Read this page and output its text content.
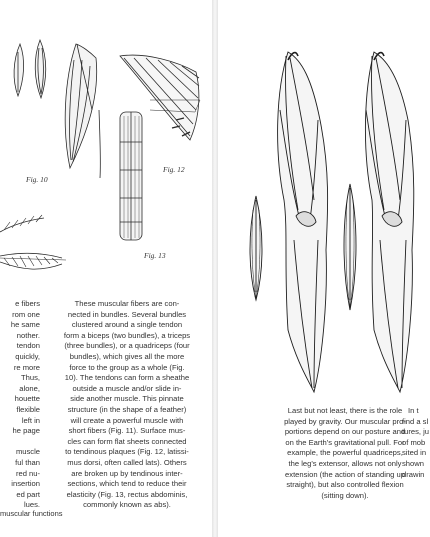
Fig. 10
Fig. 12
Fig. 13
e fibers
rom one
he same
nother.
tendon
quickly,
re more
Thus,
alone,
houette
flexible
left in
he page
muscle
ful than
red nu-
insertion
ed part
lues.
These muscular fibers are con-
nected in bundles. Several bundles
clustered around a single tendon
form a biceps (two bundles), a triceps
(three bundles), or a quadriceps (four
bundles), which gives all the more
force to the group as a whole (Fig.
10). The tendons can form a sheathe
outside a muscle and/or slide in-
side another muscle. This pinnate
structure (in the shape of a feather)
will create a powerful muscle with
short fibers (Fig. 11). Surface mus-
cles can form flat sheets connected
to tendinous plaques (Fig. 12, latissi-
mus dorsi, often called lats). Others
are broken up by tendinous inter-
sections, which tend to reduce their
elasticity (Fig. 13, rectus abdominis,
commonly known as abs).
muscular functions
Last but not least, there is the role
played by gravity. Our muscular pro-
portions depend on our posture and
on the Earth's gravitational pull. For
example, the powerful quadriceps,
the leg's extensor, allows not only
extension (the action of standing up
straight), but also controlled flexion
(sitting down).
In t
find a sl
tures, ju
of mob
sited in
shown
drawin
